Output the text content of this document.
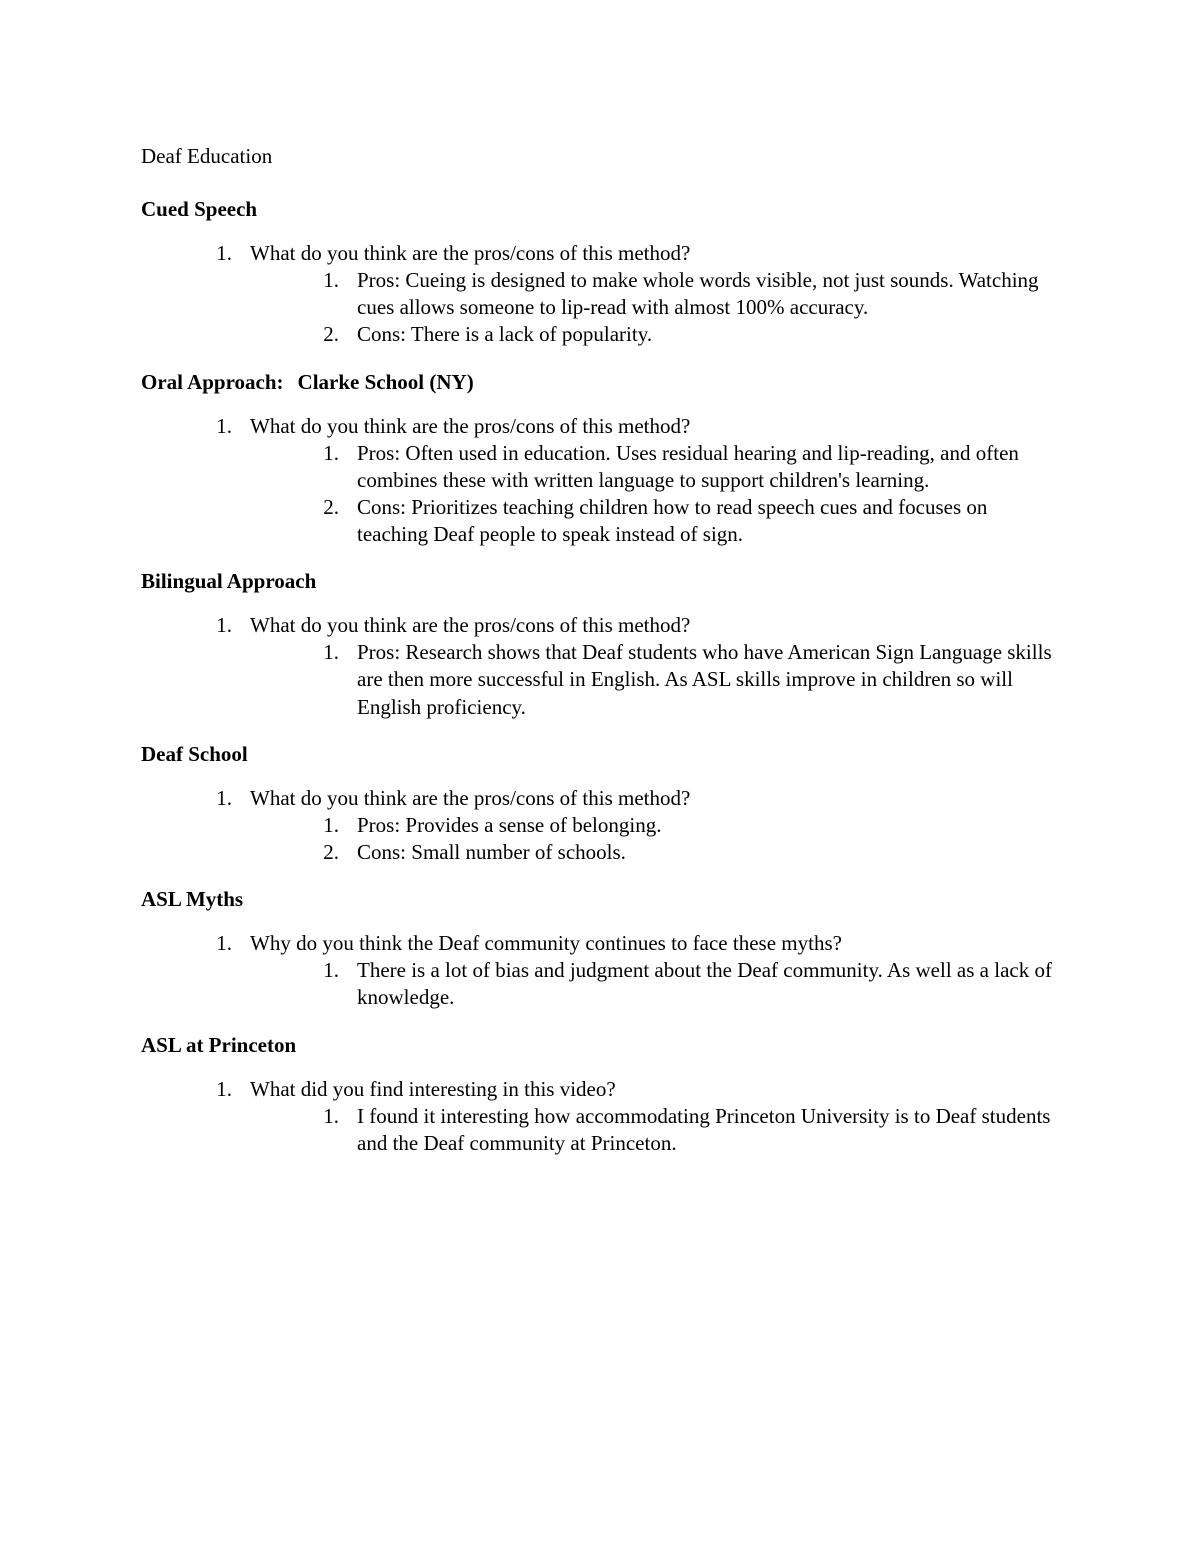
Deaf Education
Cued Speech
1. What do you think are the pros/cons of this method?
1. Pros: Cueing is designed to make whole words visible, not just sounds. Watching cues allows someone to lip-read with almost 100% accuracy.
2. Cons: There is a lack of popularity.
Oral Approach: Clarke School (NY)
1. What do you think are the pros/cons of this method?
1. Pros: Often used in education. Uses residual hearing and lip-reading, and often combines these with written language to support children's learning.
2. Cons: Prioritizes teaching children how to read speech cues and focuses on teaching Deaf people to speak instead of sign.
Bilingual Approach
1. What do you think are the pros/cons of this method?
1. Pros: Research shows that Deaf students who have American Sign Language skills are then more successful in English. As ASL skills improve in children so will English proficiency.
Deaf School
1. What do you think are the pros/cons of this method?
1. Pros: Provides a sense of belonging.
2. Cons: Small number of schools.
ASL Myths
1. Why do you think the Deaf community continues to face these myths?
1. There is a lot of bias and judgment about the Deaf community. As well as a lack of knowledge.
ASL at Princeton
1. What did you find interesting in this video?
1. I found it interesting how accommodating Princeton University is to Deaf students and the Deaf community at Princeton.
